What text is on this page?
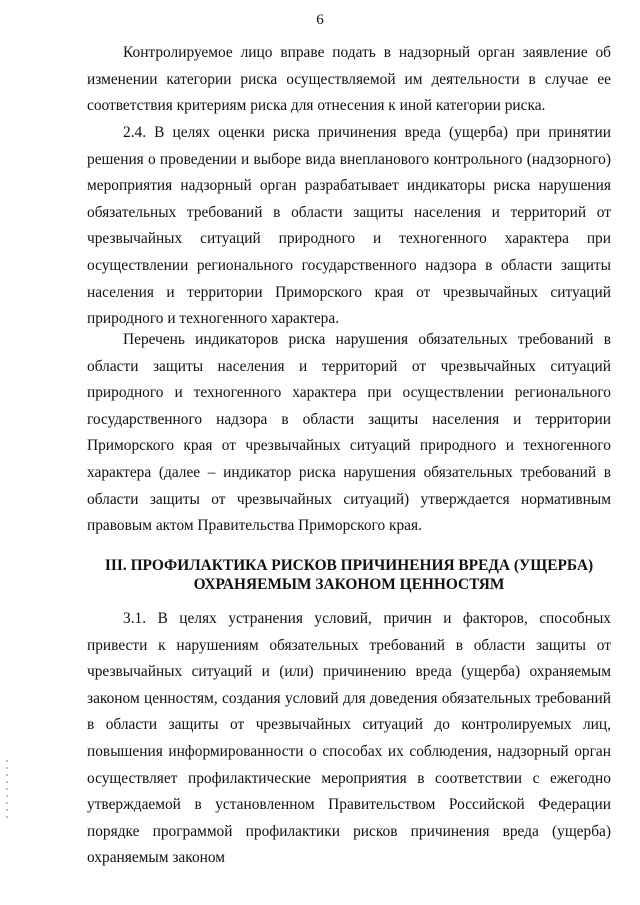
6

Контролируемое лицо вправе подать в надзорный орган заявление об изменении категории риска осуществляемой им деятельности в случае ее соответствия критериям риска для отнесения к иной категории риска.

2.4. В целях оценки риска причинения вреда (ущерба) при принятии решения о проведении и выборе вида внепланового контрольного (надзорного) мероприятия надзорный орган разрабатывает индикаторы риска нарушения обязательных требований в области защиты населения и территорий от чрезвычайных ситуаций природного и техногенного характера при осуществлении регионального государственного надзора в области защиты населения и территории Приморского края от чрезвычайных ситуаций природного и техногенного характера.

Перечень индикаторов риска нарушения обязательных требований в области защиты населения и территорий от чрезвычайных ситуаций природного и техногенного характера при осуществлении регионального государственного надзора в области защиты населения и территории Приморского края от чрезвычайных ситуаций природного и техногенного характера (далее – индикатор риска нарушения обязательных требований в области защиты от чрезвычайных ситуаций) утверждается нормативным правовым актом Правительства Приморского края.

III. ПРОФИЛАКТИКА РИСКОВ ПРИЧИНЕНИЯ ВРЕДА (УЩЕРБА)
ОХРАНЯЕМЫМ ЗАКОНОМ ЦЕННОСТЯМ

3.1. В целях устранения условий, причин и факторов, способных привести к нарушениям обязательных требований в области защиты от чрезвычайных ситуаций и (или) причинению вреда (ущерба) охраняемым законом ценностям, создания условий для доведения обязательных требований в области защиты от чрезвычайных ситуаций до контролируемых лиц, повышения информированности о способах их соблюдения, надзорный орган осуществляет профилактические мероприятия в соответствии с ежегодно утверждаемой в установленном Правительством Российской Федерации порядке программой профилактики рисков причинения вреда (ущерба) охраняемым законом
